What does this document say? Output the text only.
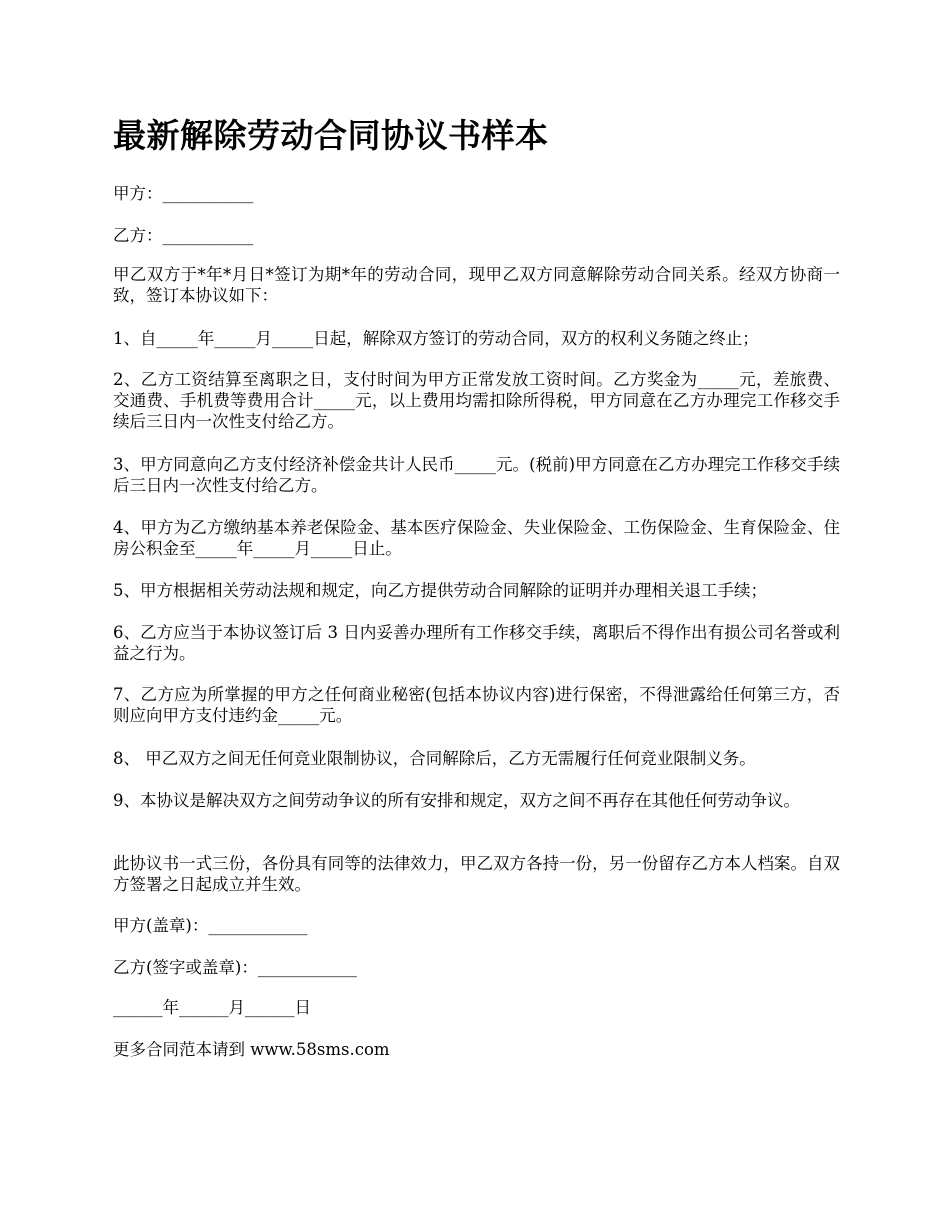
最新解除劳动合同协议书样本

甲方：___________

乙方：___________

甲乙双方于*年*月日*签订为期*年的劳动合同，现甲乙双方同意解除劳动合同关系。经双方协商一致，签订本协议如下：

1、自_____年_____月_____日起，解除双方签订的劳动合同，双方的权利义务随之终止；

2、乙方工资结算至离职之日，支付时间为甲方正常发放工资时间。乙方奖金为_____元，差旅费、交通费、手机费等费用合计_____元，以上费用均需扣除所得税，甲方同意在乙方办理完工作移交手续后三日内一次性支付给乙方。

3、甲方同意向乙方支付经济补偿金共计人民币_____元。(税前)甲方同意在乙方办理完工作移交手续后三日内一次性支付给乙方。

4、甲方为乙方缴纳基本养老保险金、基本医疗保险金、失业保险金、工伤保险金、生育保险金、住房公积金至_____年_____月_____日止。

5、甲方根据相关劳动法规和规定，向乙方提供劳动合同解除的证明并办理相关退工手续；

6、乙方应当于本协议签订后 3 日内妥善办理所有工作移交手续，离职后不得作出有损公司名誉或利益之行为。

7、乙方应为所掌握的甲方之任何商业秘密(包括本协议内容)进行保密，不得泄露给任何第三方，否则应向甲方支付违约金_____元。

8、 甲乙双方之间无任何竞业限制协议，合同解除后，乙方无需履行任何竞业限制义务。

9、本协议是解决双方之间劳动争议的所有安排和规定，双方之间不再存在其他任何劳动争议。

此协议书一式三份，各份具有同等的法律效力，甲乙双方各持一份，另一份留存乙方本人档案。自双方签署之日起成立并生效。

甲方(盖章)：____________

乙方(签字或盖章)：____________

______年______月______日

更多合同范本请到 www.58sms.com
